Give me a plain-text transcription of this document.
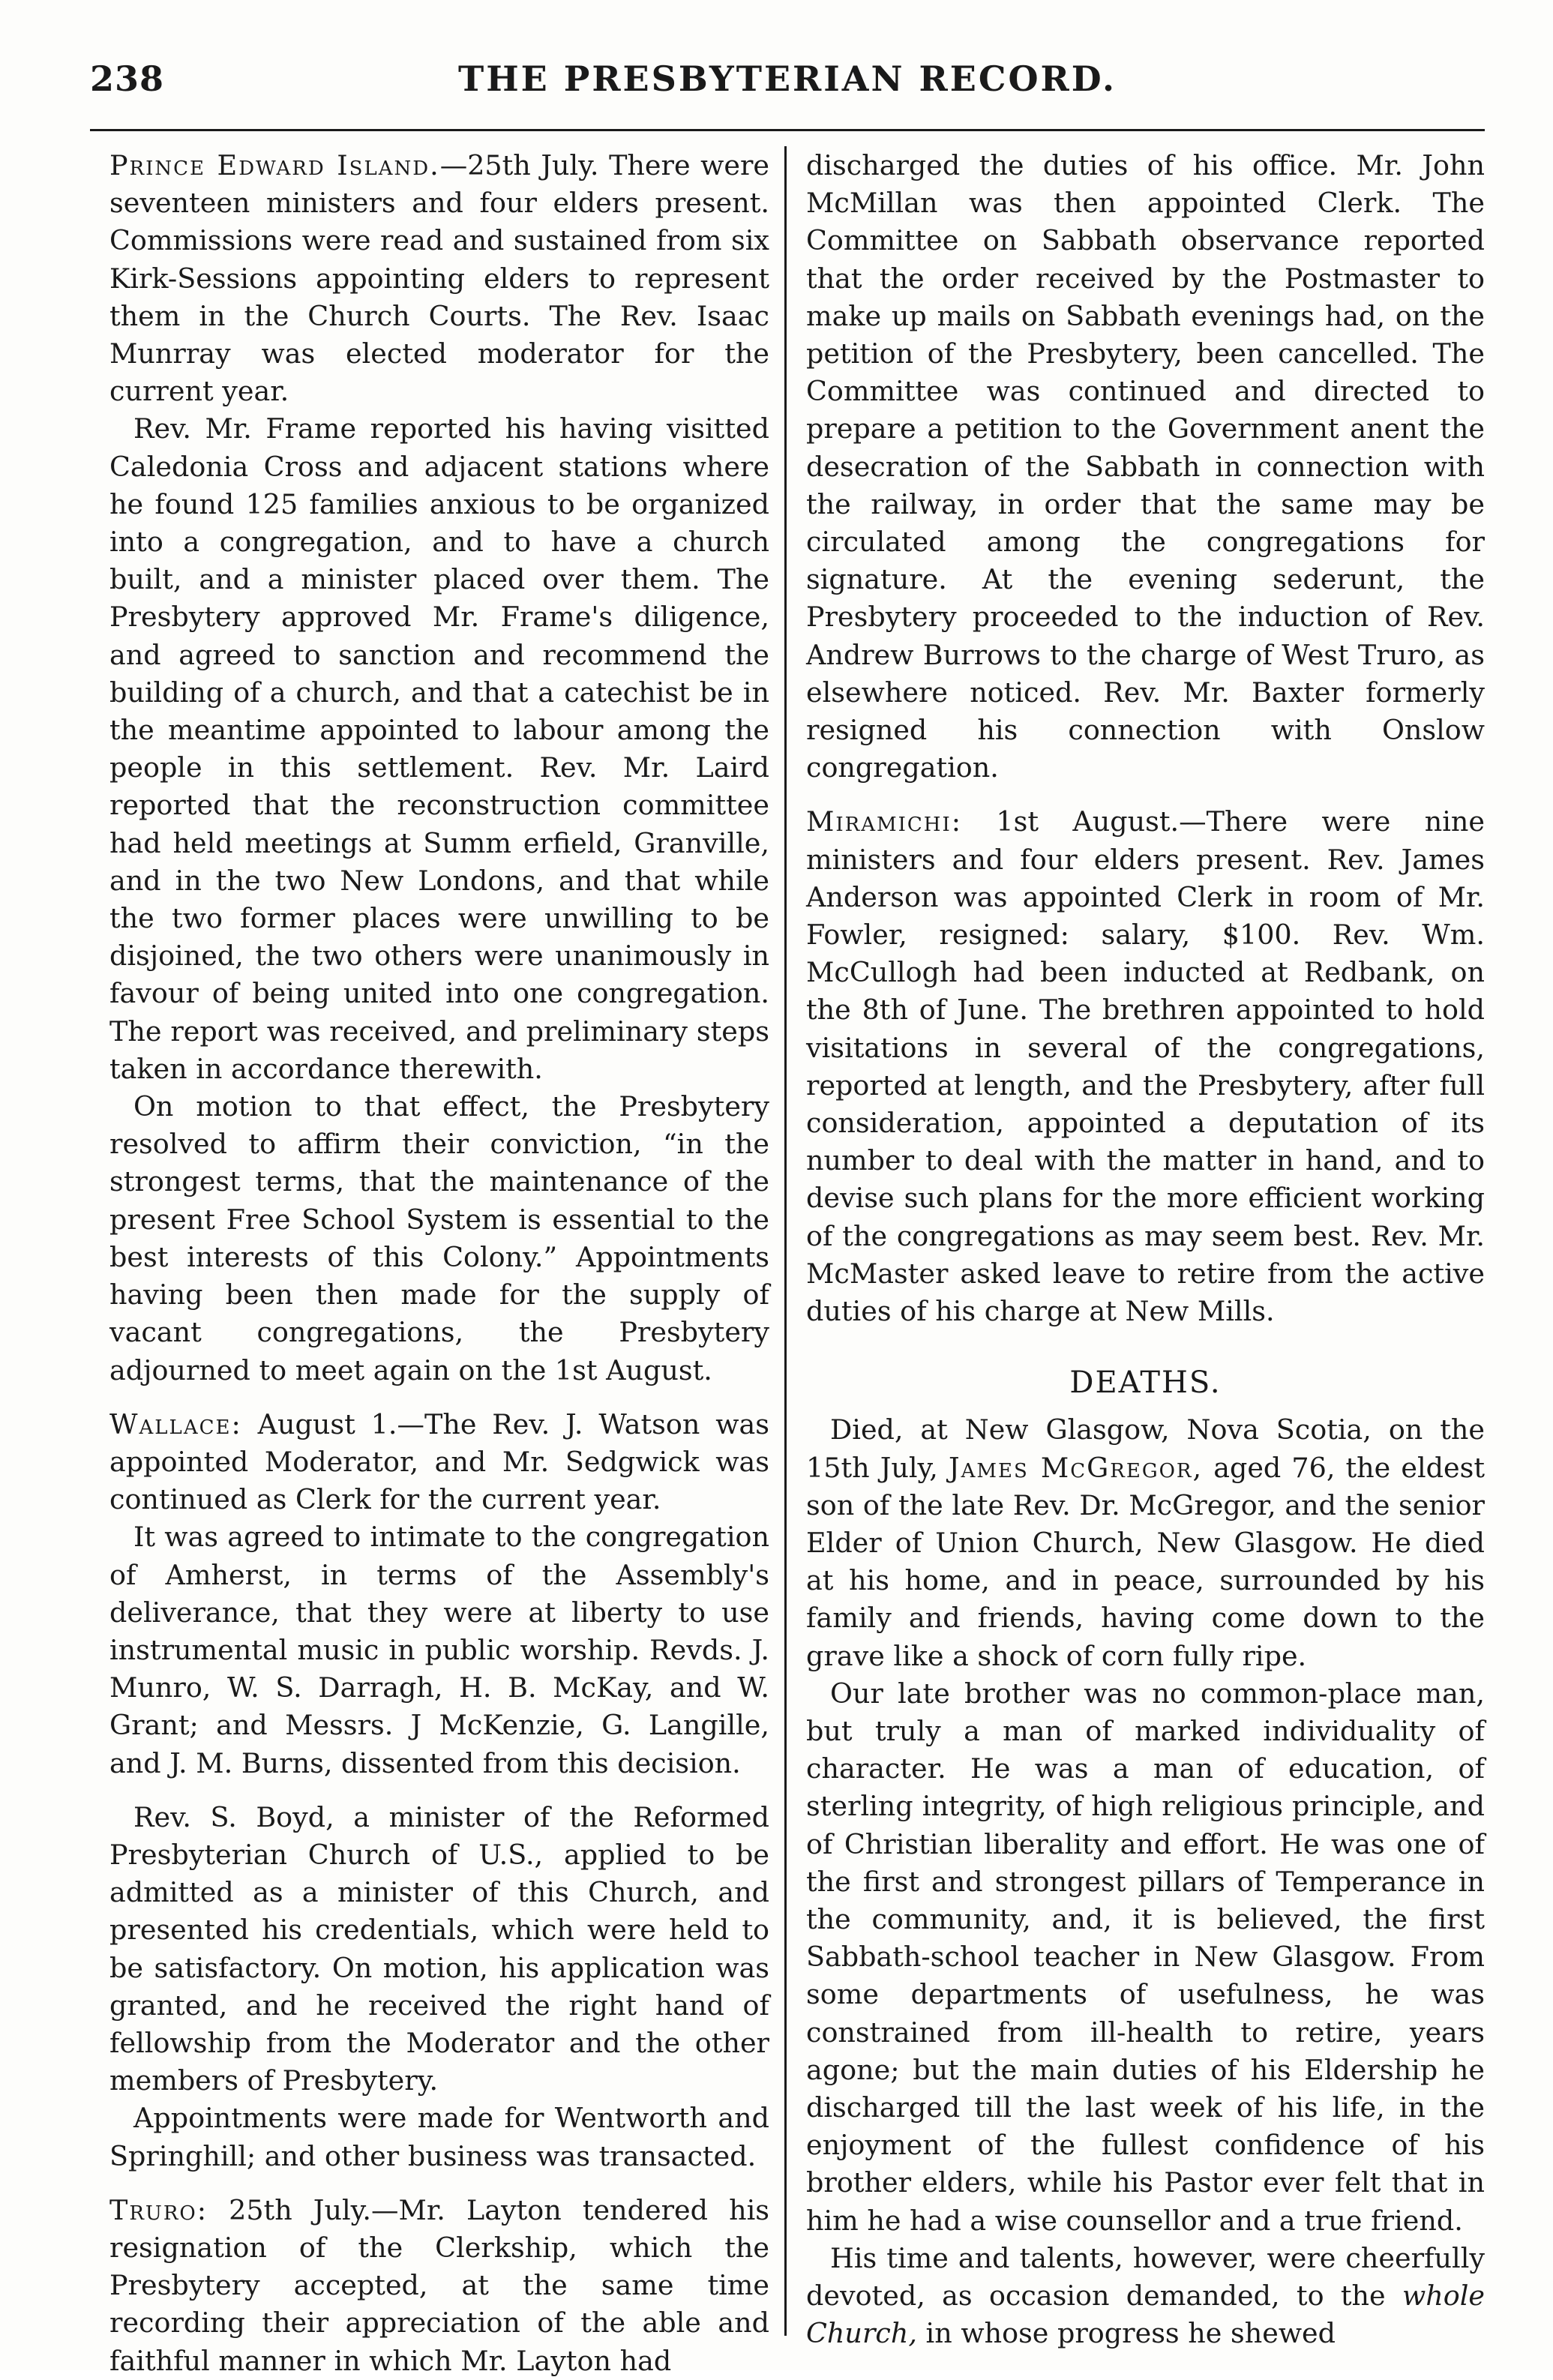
238	THE PRESBYTERIAN RECORD.

Prince Edward Island.—25th July. There were seventeen ministers and four elders present. Commissions were read and sustained from six Kirk-Sessions appointing elders to represent them in the Church Courts. The Rev. Isaac Munrray was elected moderator for the current year.

Rev. Mr. Frame reported his having visitted Caledonia Cross and adjacent stations where he found 125 families anxious to be organized into a congregation, and to have a church built, and a minister placed over them. The Presbytery approved Mr. Frame's diligence, and agreed to sanction and recommend the building of a church, and that a catechist be in the meantime appointed to labour among the people in this settlement. Rev. Mr. Laird reported that the reconstruction committee had held meetings at Summ erfield, Granville, and in the two New Londons, and that while the two former places were unwilling to be disjoined, the two others were unanimously in favour of being united into one congregation. The report was received, and preliminary steps taken in accordance therewith.

On motion to that effect, the Presbytery resolved to affirm their conviction, “in the strongest terms, that the maintenance of the present Free School System is essential to the best interests of this Colony.” Appointments having been then made for the supply of vacant congregations, the Presbytery adjourned to meet again on the 1st August.

Wallace: August 1.—The Rev. J. Watson was appointed Moderator, and Mr. Sedgwick was continued as Clerk for the current year.

It was agreed to intimate to the congregation of Amherst, in terms of the Assembly's deliverance, that they were at liberty to use instrumental music in public worship. Revds. J. Munro, W. S. Darragh, H. B. McKay, and W. Grant; and Messrs. J McKenzie, G. Langille, and J. M. Burns, dissented from this decision.

Rev. S. Boyd, a minister of the Reformed Presbyterian Church of U.S., applied to be admitted as a minister of this Church, and presented his credentials, which were held to be satisfactory. On motion, his application was granted, and he received the right hand of fellowship from the Moderator and the other members of Presbytery.

Appointments were made for Wentworth and Springhill; and other business was transacted.

Truro: 25th July.—Mr. Layton tendered his resignation of the Clerkship, which the Presbytery accepted, at the same time recording their appreciation of the able and faithful manner in which Mr. Layton had

discharged the duties of his office. Mr. John McMillan was then appointed Clerk. The Committee on Sabbath observance reported that the order received by the Postmaster to make up mails on Sabbath evenings had, on the petition of the Presbytery, been cancelled. The Committee was continued and directed to prepare a petition to the Government anent the desecration of the Sabbath in connection with the railway, in order that the same may be circulated among the congregations for signature. At the evening sederunt, the Presbytery proceeded to the induction of Rev. Andrew Burrows to the charge of West Truro, as elsewhere noticed. Rev. Mr. Baxter formerly resigned his connection with Onslow congregation.

Miramichi: 1st August.—There were nine ministers and four elders present. Rev. James Anderson was appointed Clerk in room of Mr. Fowler, resigned: salary, $100. Rev. Wm. McCullogh had been inducted at Redbank, on the 8th of June. The brethren appointed to hold visitations in several of the congregations, reported at length, and the Presbytery, after full consideration, appointed a deputation of its number to deal with the matter in hand, and to devise such plans for the more efficient working of the congregations as may seem best. Rev. Mr. McMaster asked leave to retire from the active duties of his charge at New Mills.

DEATHS.

Died, at New Glasgow, Nova Scotia, on the 15th July, James McGregor, aged 76, the eldest son of the late Rev. Dr. McGregor, and the senior Elder of Union Church, New Glasgow. He died at his home, and in peace, surrounded by his family and friends, having come down to the grave like a shock of corn fully ripe.

Our late brother was no common-place man, but truly a man of marked individuality of character. He was a man of education, of sterling integrity, of high religious principle, and of Christian liberality and effort. He was one of the first and strongest pillars of Temperance in the community, and, it is believed, the first Sabbath-school teacher in New Glasgow. From some departments of usefulness, he was constrained from ill-health to retire, years agone; but the main duties of his Eldership he discharged till the last week of his life, in the enjoyment of the fullest confidence of his brother elders, while his Pastor ever felt that in him he had a wise counsellor and a true friend.

His time and talents, however, were cheerfully devoted, as occasion demanded, to the whole Church, in whose progress he shewed
